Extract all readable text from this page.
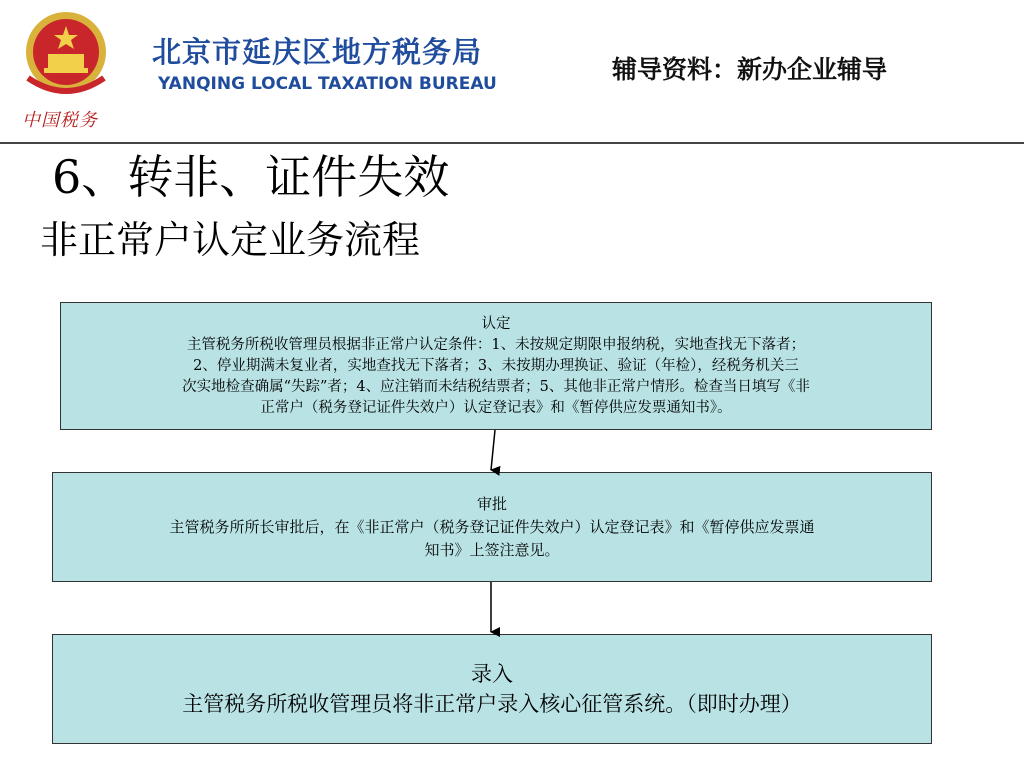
中国税务
北京市延庆区地方税务局
YANQING LOCAL TAXATION BUREAU	辅导资料：新办企业辅导
6、转非、证件失效
非正常户认定业务流程
认定
主管税务所税收管理员根据非正常户认定条件：1、未按规定期限申报纳税，实地查找无下落者；
2、停业期满未复业者，实地查找无下落者；3、未按期办理换证、验证（年检），经税务机关三
次实地检查确属“失踪”者；4、应注销而未结税结票者；5、其他非正常户情形。检查当日填写《非
正常户（税务登记证件失效户）认定登记表》和《暂停供应发票通知书》。
审批
主管税务所所长审批后，在《非正常户（税务登记证件失效户）认定登记表》和《暂停供应发票通
知书》上签注意见。
录入
主管税务所税收管理员将非正常户录入核心征管系统。（即时办理）
